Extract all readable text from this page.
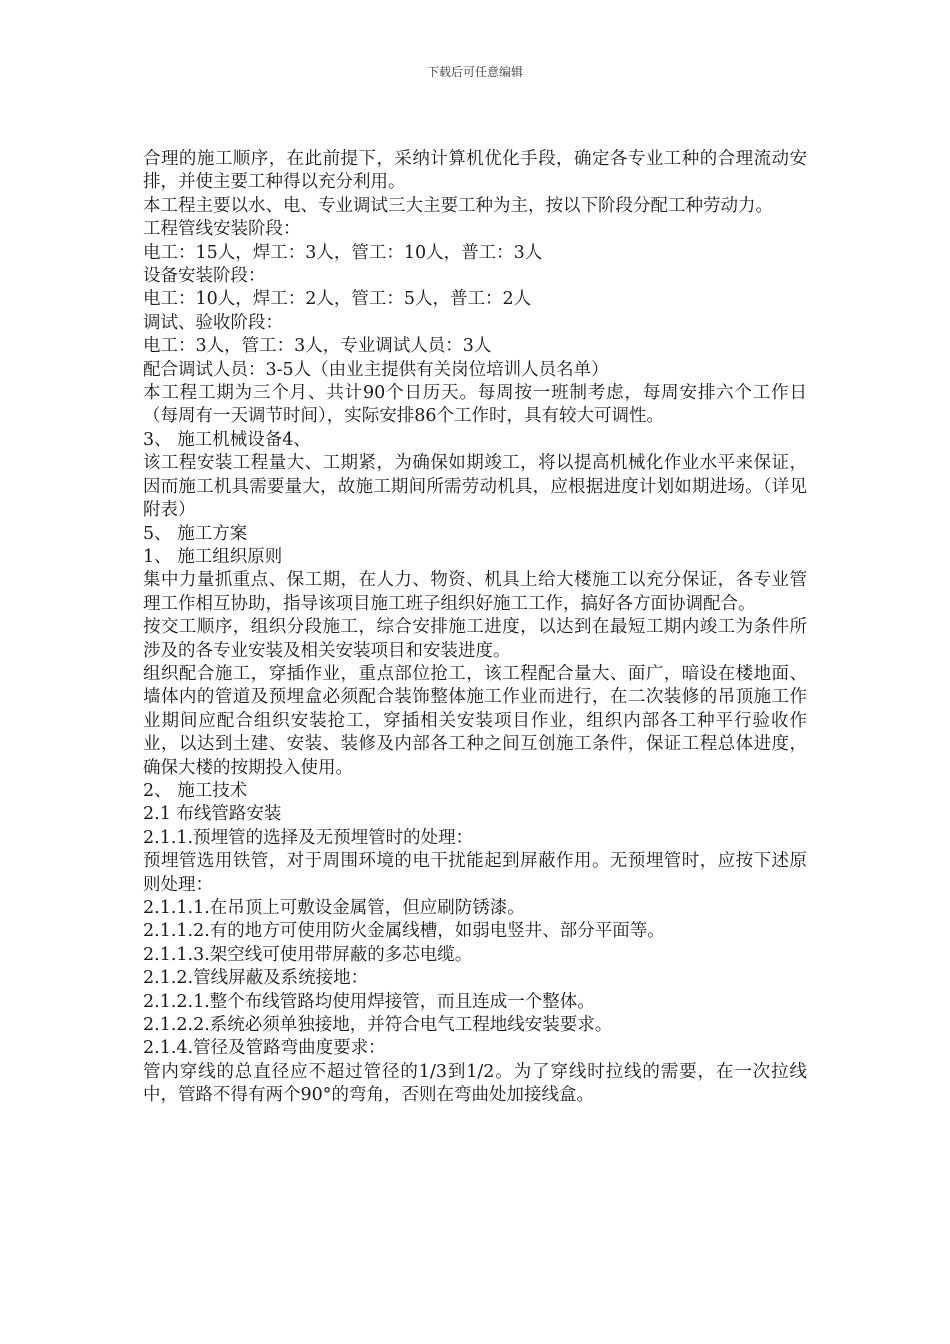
下载后可任意编辑

合理的施工顺序，在此前提下，采纳计算机优化手段，确定各专业工种的合理流动安排，并使主要工种得以充分利用。

本工程主要以水、电、专业调试三大主要工种为主，按以下阶段分配工种劳动力。

工程管线安装阶段：

电工：15人，焊工：3人，管工：10人，普工：3人

设备安装阶段：

电工：10人，焊工：2人，管工：5人，普工：2人

调试、验收阶段：

电工：3人，管工：3人，专业调试人员：3人

配合调试人员：3-5人（由业主提供有关岗位培训人员名单）

本工程工期为三个月、共计90个日历天。每周按一班制考虑，每周安排六个工作日（每周有一天调节时间），实际安排86个工作时，具有较大可调性。

3、 施工机械设备4、

该工程安装工程量大、工期紧，为确保如期竣工，将以提高机械化作业水平来保证，因而施工机具需要量大，故施工期间所需劳动机具，应根据进度计划如期进场。（详见附表）

5、 施工方案

1、 施工组织原则

集中力量抓重点、保工期，在人力、物资、机具上给大楼施工以充分保证，各专业管理工作相互协助，指导该项目施工班子组织好施工工作，搞好各方面协调配合。

按交工顺序，组织分段施工，综合安排施工进度，以达到在最短工期内竣工为条件所涉及的各专业安装及相关安装项目和安装进度。

组织配合施工，穿插作业，重点部位抢工，该工程配合量大、面广，暗设在楼地面、墙体内的管道及预埋盒必须配合装饰整体施工作业而进行，在二次装修的吊顶施工作业期间应配合组织安装抢工，穿插相关安装项目作业，组织内部各工种平行验收作业，以达到土建、安装、装修及内部各工种之间互创施工条件，保证工程总体进度，确保大楼的按期投入使用。

2、 施工技术

2.1 布线管路安装

2.1.1.预埋管的选择及无预埋管时的处理：

预埋管选用铁管，对于周围环境的电干扰能起到屏蔽作用。无预埋管时，应按下述原则处理：

2.1.1.1.在吊顶上可敷设金属管，但应刷防锈漆。

2.1.1.2.有的地方可使用防火金属线槽，如弱电竖井、部分平面等。

2.1.1.3.架空线可使用带屏蔽的多芯电缆。

2.1.2.管线屏蔽及系统接地：

2.1.2.1.整个布线管路均使用焊接管，而且连成一个整体。

2.1.2.2.系统必须单独接地，并符合电气工程地线安装要求。

2.1.4.管径及管路弯曲度要求：

管内穿线的总直径应不超过管径的1/3到1/2。为了穿线时拉线的需要，在一次拉线中，管路不得有两个90°的弯角，否则在弯曲处加接线盒。
